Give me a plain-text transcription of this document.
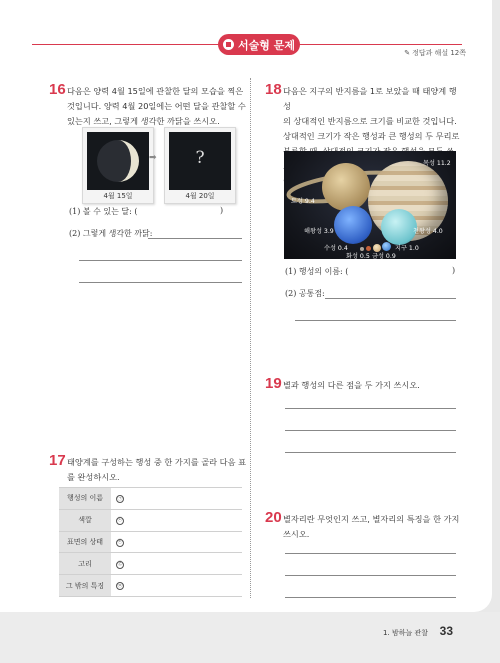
서술형 문제
✎ 정답과 해설 12쪽
16 다음은 양력 4월 15일에 관찰한 달의 모습을 찍은
것입니다. 양력 4월 20일에는 어떤 달을 관찰할 수
있는지 쓰고, 그렇게 생각한 까닭을 쓰시오.
4월 15일
➡	?
4월 20일
(1) 볼 수 있는 달: (	)
(2) 그렇게 생각한 까닭:
17 태양계를 구성하는 행성 중 한 가지를 골라 다음 표
를 완성하시오.
행성의 이름	㉠
색깔	㉡
표면의 상태	㉢
고리	㉣
그 밖의 특징	㉤
18 다음은 지구의 반지름을 1로 보았을 때 태양계 행성
의 상대적인 반지름으로 크기를 비교한 것입니다.
상대적인 크기가 작은 행성과 큰 행성의 두 무리로
목성 11.2
토성 9.4
해왕성 3.9	천왕성 4.0
수성 0.4	지구 1.0
화성 0.5 금성 0.9
(1) 행성의 이름: (	)
(2) 공통점:
19 별과 행성의 다른 점을 두 가지 쓰시오.
20 별자리란 무엇인지 쓰고, 별자리의 특징을 한 가지
쓰시오.
1. 밤하늘 관찰 33
